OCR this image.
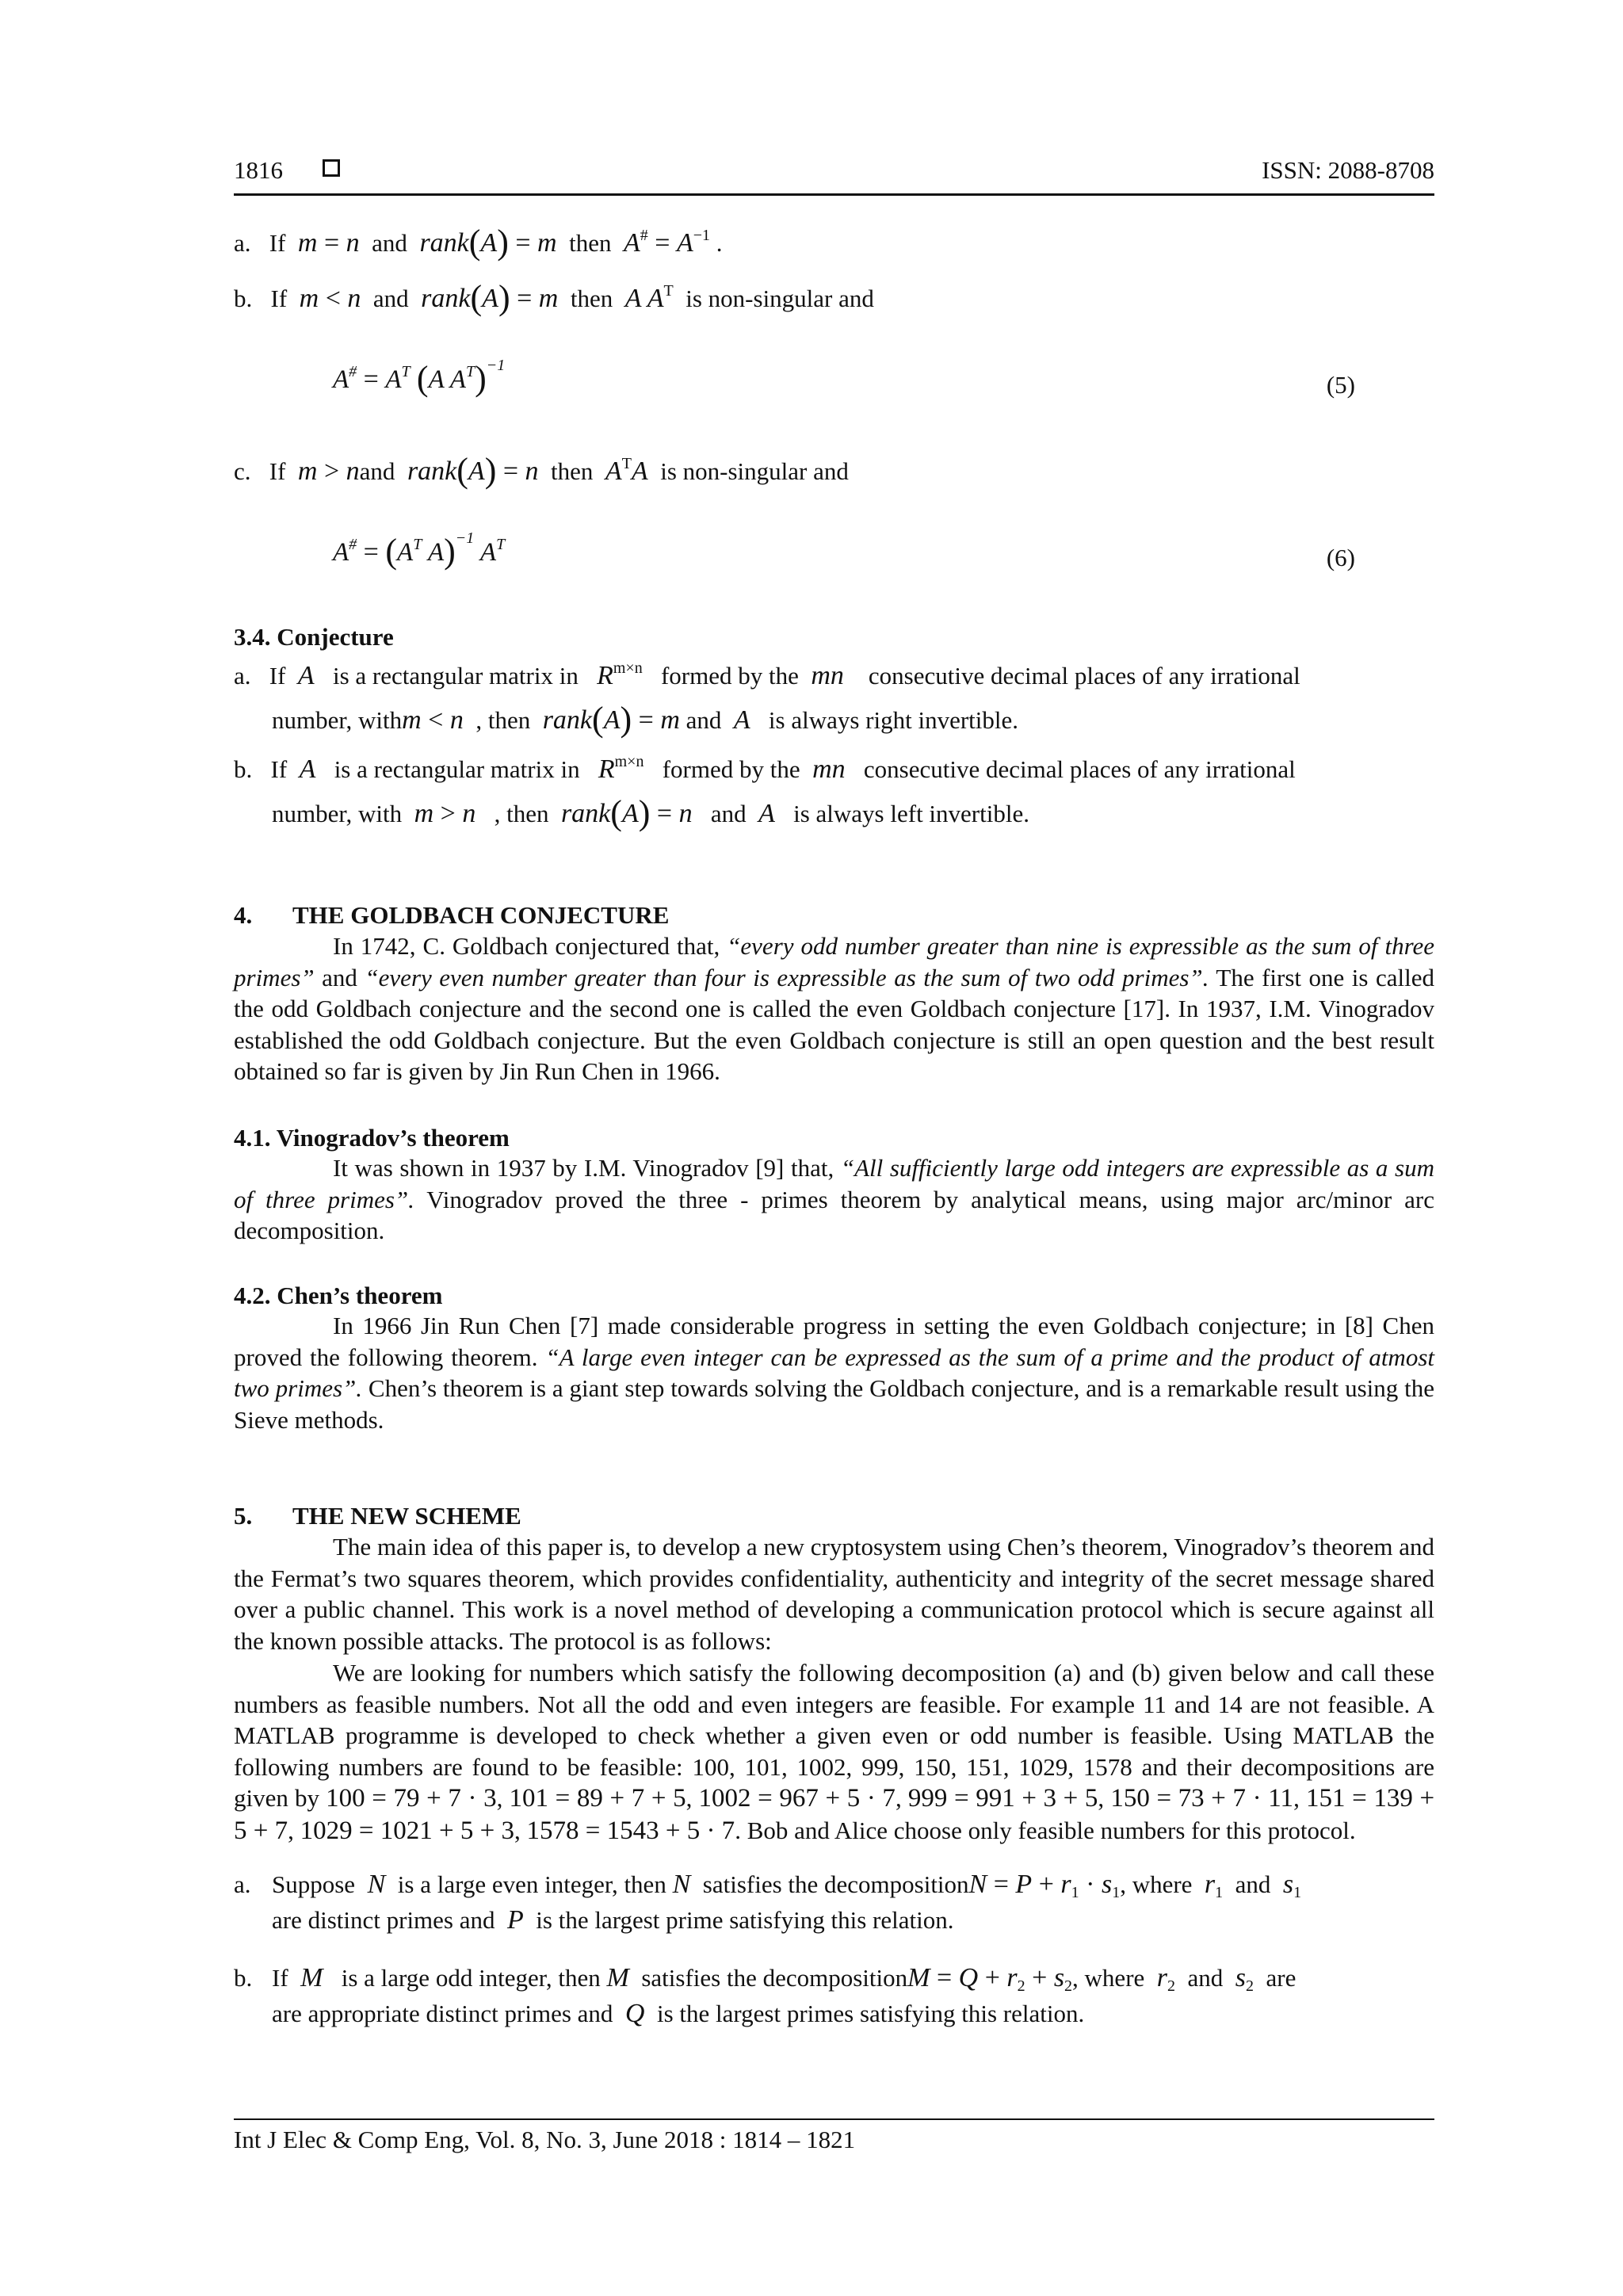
1816	ISSN: 2088-8708
a. If m = n and rank(A) = m then $A^{\#} = A^{-1}$ .
b. If m < n and rank(A) = m then A $A^T$ is non-singular and
$A^{\#} = A^T$ (A $A^T)^{-1}$
(5)
c. If m > nand rank(A) = n then $A^TA$ is non-singular and
$A^{\#} = (A^T$ A)$^{-1}$ $A^T$	(6)
3.4. Conjecture
a. If A is a rectangular matrix in $R^{m\times n}$ formed by the mn consecutive decimal places of any irrational
number, withm < n , then rank(A) = m and A is always right invertible.
b. If A is a rectangular matrix in $R^{m\times n}$ formed by the mn consecutive decimal places of any irrational
number, with m > n , then rank(A) = n and A is always left invertible.
4. THE GOLDBACH CONJECTURE

In 1742, C. Goldbach conjectured that, “every odd number greater than nine is expressible as the sum of three primes” and “every even number greater than four is expressible as the sum of two odd primes”. The first one is called the odd Goldbach conjecture and the second one is called the even Goldbach conjecture [17]. In 1937, I.M. Vinogradov established the odd Goldbach conjecture. But the even Goldbach conjecture is still an open question and the best result obtained so far is given by Jin Run Chen in 1966.

4.1. Vinogradov’s theorem

It was shown in 1937 by I.M. Vinogradov [9] that, “All sufficiently large odd integers are expressible as a sum of three primes”. Vinogradov proved the three - primes theorem by analytical means, using major arc/minor arc decomposition.

4.2. Chen’s theorem

In 1966 Jin Run Chen [7] made considerable progress in setting the even Goldbach conjecture; in [8] Chen proved the following theorem. “A large even integer can be expressed as the sum of a prime and the product of atmost two primes”. Chen’s theorem is a giant step towards solving the Goldbach conjecture, and is a remarkable result using the Sieve methods.

5. THE NEW SCHEME

The main idea of this paper is, to develop a new cryptosystem using Chen’s theorem, Vinogradov’s theorem and the Fermat’s two squares theorem, which provides confidentiality, authenticity and integrity of the secret message shared over a public channel. This work is a novel method of developing a communication protocol which is secure against all the known possible attacks. The protocol is as follows:

We are looking for numbers which satisfy the following decomposition (a) and (b) given below and call these numbers as feasible numbers. Not all the odd and even integers are feasible. For example 11 and 14 are not feasible. A MATLAB programme is developed to check whether a given even or odd number is feasible. Using MATLAB the following numbers are found to be feasible: 100, 101, 1002, 999, 150, 151, 1029, 1578 and their decompositions are given by 100 = 79 + 7 · 3, 101 = 89 + 7 + 5, 1002 = 967 + 5 · 7, 999 = 991 + 3 + 5, 150 = 73 + 7 · 11, 151 = 139 + 5 + 7, 1029 = 1021 + 5 + 3, 1578 = 1543 + 5 · 7. Bob and Alice choose only feasible numbers for this protocol.

a. Suppose N is a large even integer, then N satisfies the decompositionN = $P + r_1 \cdot s_1$, where $r_1$ and $s_1$
are distinct primes and P is the largest prime satisfying this relation.
b. If M is a large odd integer, then M satisfies the decompositionM = $Q + r_2 + s_2$, where $r_2$ and $s_2$  are
are appropriate distinct primes and Q is the largest primes satisfying this relation.
Int J Elec & Comp Eng, Vol. 8, No. 3, June 2018 : 1814 – 1821
